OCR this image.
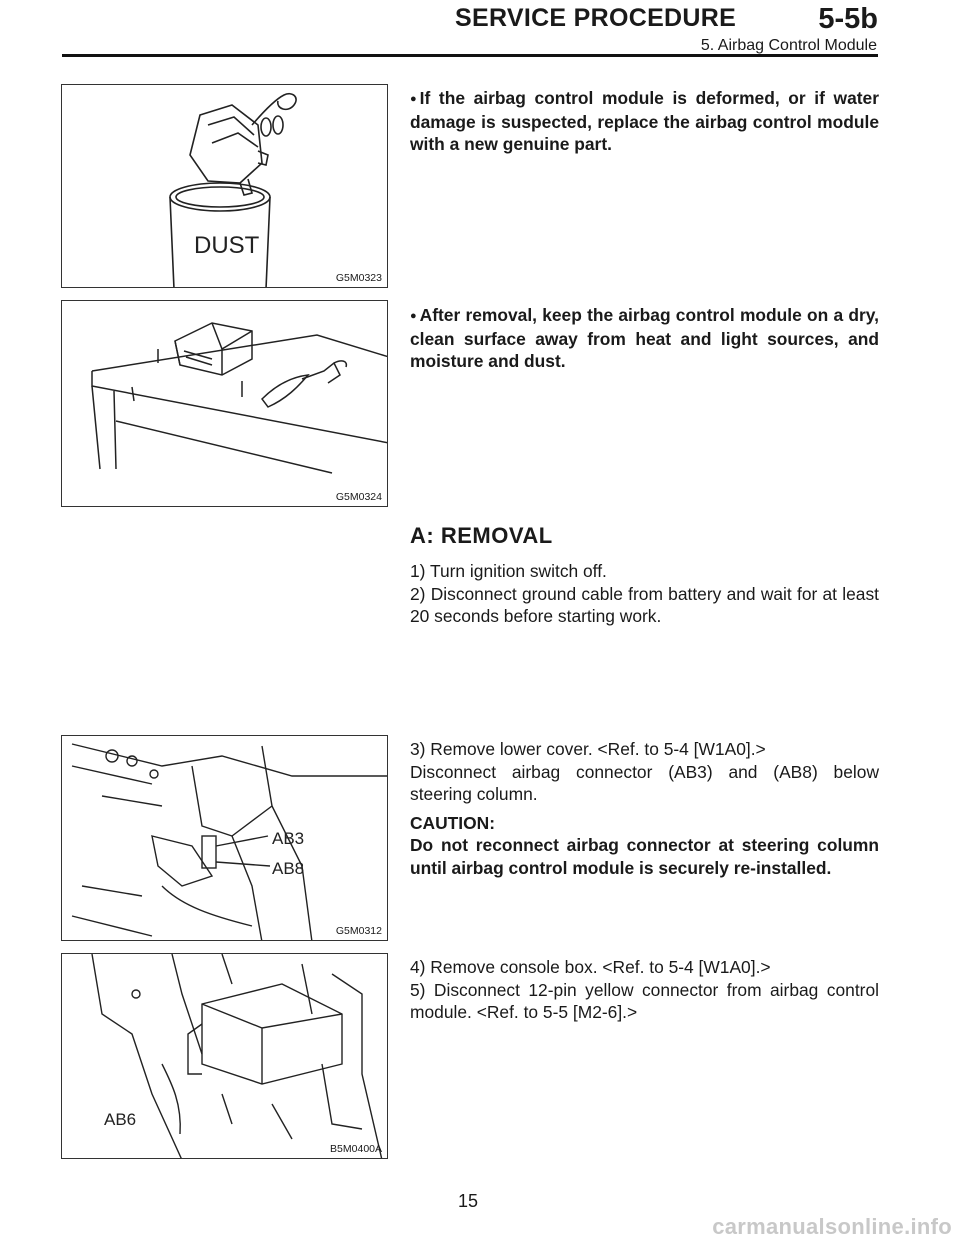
SERVICE PROCEDURE	5-5b
5. Airbag Control Module
DUST
G5M0323
G5M0324
AB3
AB8
G5M0312
AB6
B5M0400A
● If the airbag control module is deformed, or if water damage is suspected, replace the airbag control module with a new genuine part.
● After removal, keep the airbag control module on a dry, clean surface away from heat and light sources, and moisture and dust.
A: REMOVAL
1) Turn ignition switch off.
2) Disconnect ground cable from battery and wait for at least 20 seconds before starting work.
3) Remove lower cover. <Ref. to 5-4 [W1A0].>
Disconnect airbag connector (AB3) and (AB8) below steering column.
CAUTION:
Do not reconnect airbag connector at steering column until airbag control module is securely re-installed.
4) Remove console box. <Ref. to 5-4 [W1A0].>
5) Disconnect 12-pin yellow connector from airbag control module. <Ref. to 5-5 [M2-6].>
15
carmanualsonline.info
